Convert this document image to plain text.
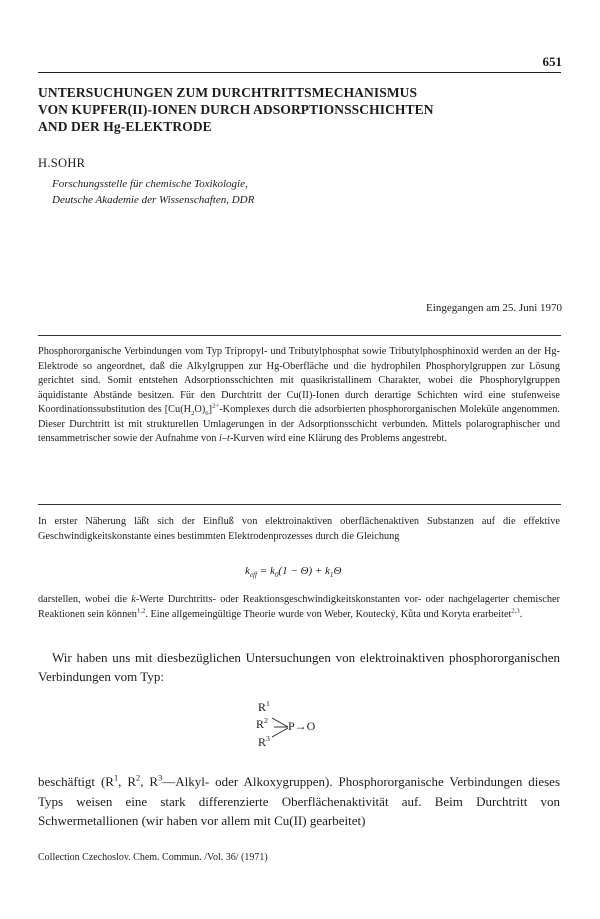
651
UNTERSUCHUNGEN ZUM DURCHTRITTSMECHANISMUS
VON KUPFER(II)-IONEN DURCH ADSORPTIONSSCHICHTEN
AND DER Hg-ELEKTRODE
H.SOHR
Forschungsstelle für chemische Toxikologie,
Deutsche Akademie der Wissenschaften, DDR
Eingegangen am 25. Juni 1970
Phosphororganische Verbindungen vom Typ Tripropyl- und Tributylphosphat sowie Tributylphosphinoxid werden an der Hg-Elektrode so angeordnet, daß die Alkylgruppen zur Hg-Oberfläche und die hydrophilen Phosphorylgruppen zur Lösung gerichtet sind. Somit entstehen Adsorptionsschichten mit quasikristallinem Charakter, wobei die Phosphorylgruppen äquidistante Abstände besitzen. Für den Durchtritt der Cu(II)-Ionen durch derartige Schichten wird eine stufenweise Koordinationssubstitution des $[Cu(H_2O)_6]^{2+}$-Komplexes durch die adsorbierten phosphororganischen Moleküle angenommen. Dieser Durchtritt ist mit strukturellen Umlagerungen in der Adsorptionsschicht verbunden. Mittels polarographischer und tensammetrischer sowie der Aufnahme von i–t-Kurven wird eine Klärung des Problems angestrebt.
In erster Näherung läßt sich der Einfluß von elektroinaktiven oberflächenaktiven Substanzen auf die effektive Geschwindigkeitskonstante eines bestimmten Elektrodenprozesses durch die Gleichung
$k_{eff} = k_0(1 - \Theta) + k_1\Theta$
darstellen, wobei die k-Werte Durchtritts- oder Reaktionsgeschwindigkeitskonstanten vor- oder nachgelagerter chemischer Reaktionen sein können$^{1,2}$. Eine allgemeingültige Theorie wurde von Weber, Koutecký, Kůta und Koryta erarbeitet$^{2,3}$.
Wir haben uns mit diesbezüglichen Untersuchungen von elektroinaktiven phosphororganischen Verbindungen vom Typ:
$R^1$
$R^2$
$R^3$
P→O
beschäftigt ($R^1$, $R^2$, $R^3—Alkyl-$ oder Alkoxygruppen). Phosphororganische Verbindungen dieses Typs weisen eine stark differenzierte Oberflächenaktivität auf. Beim Durchtritt von Schwermetallionen (wir haben vor allem mit Cu(II) gearbeitet)
Collection Czechoslov. Chem. Commun. /Vol. 36/ (1971)
